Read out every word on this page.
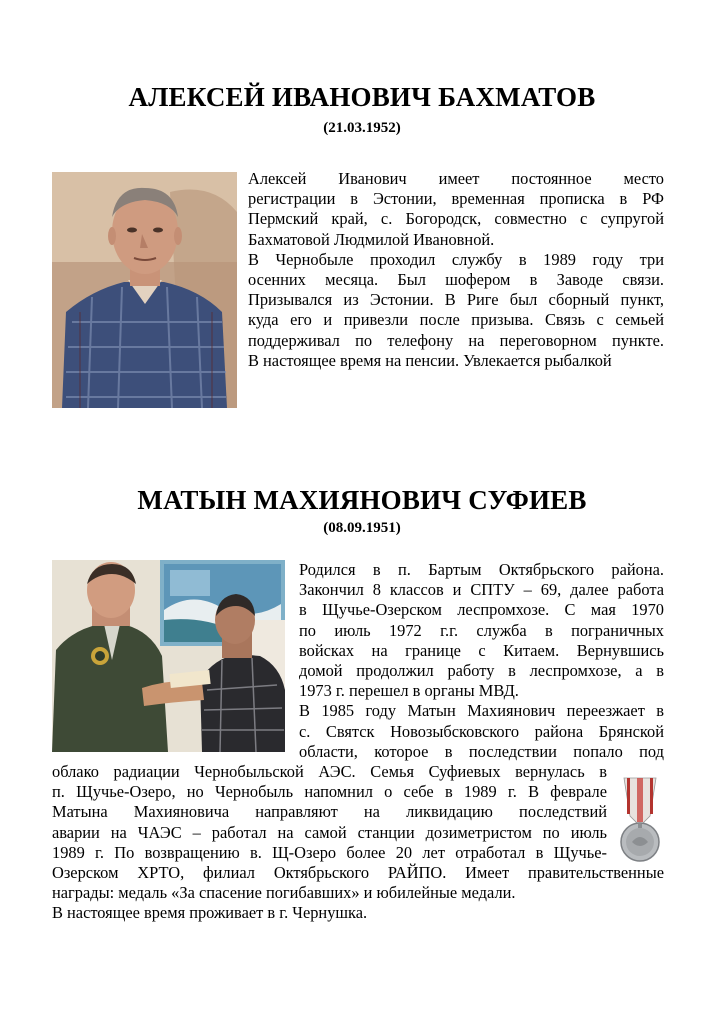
АЛЕКСЕЙ ИВАНОВИЧ БАХМАТОВ
(21.03.1952)
Алексей Иванович имеет постоянное место
регистрации в Эстонии, временная прописка в РФ
Пермский край, с. Богородск, совместно с супругой
Бахматовой Людмилой Ивановной.
В Чернобыле проходил службу в 1989 году три
осенних месяца. Был шофером в Заводе связи.
Призывался из Эстонии. В Риге был сборный пункт,
куда его и привезли после призыва. Связь с семьей
поддерживал по телефону на переговорном пункте.
В настоящее время на пенсии. Увлекается рыбалкой
МАТЫН МАХИЯНОВИЧ СУФИЕВ
(08.09.1951)
Родился в п. Бартым Октябрьского района.
Закончил 8 классов и СПТУ – 69, далее работа
в Щучье-Озерском леспромхозе. С мая 1970
по июль 1972 г.г. служба в пограничных
войсках на границе с Китаем. Вернувшись
домой продолжил работу в леспромхозе, а в
1973 г. перешел в органы МВД.
В 1985 году Матын Махиянович переезжает в
с. Святск Новозыбсковского района Брянской
области, которое в последствии попало под
облако радиации Чернобыльской АЭС. Семья Суфиевых вернулась в
п. Щучье-Озеро, но Чернобыль напомнил о себе в 1989 г. В феврале
Матына Махияновича направляют на ликвидацию последствий
аварии на ЧАЭС – работал на самой станции дозиметристом по июль
1989 г. По возвращению в. Щ-Озеро более 20 лет отработал в Щучье-
Озерском ХРТО, филиал Октябрьского РАЙПО. Имеет правительственные
награды: медаль «За спасение погибавших» и юбилейные медали.
В настоящее время проживает в г. Чернушка.
